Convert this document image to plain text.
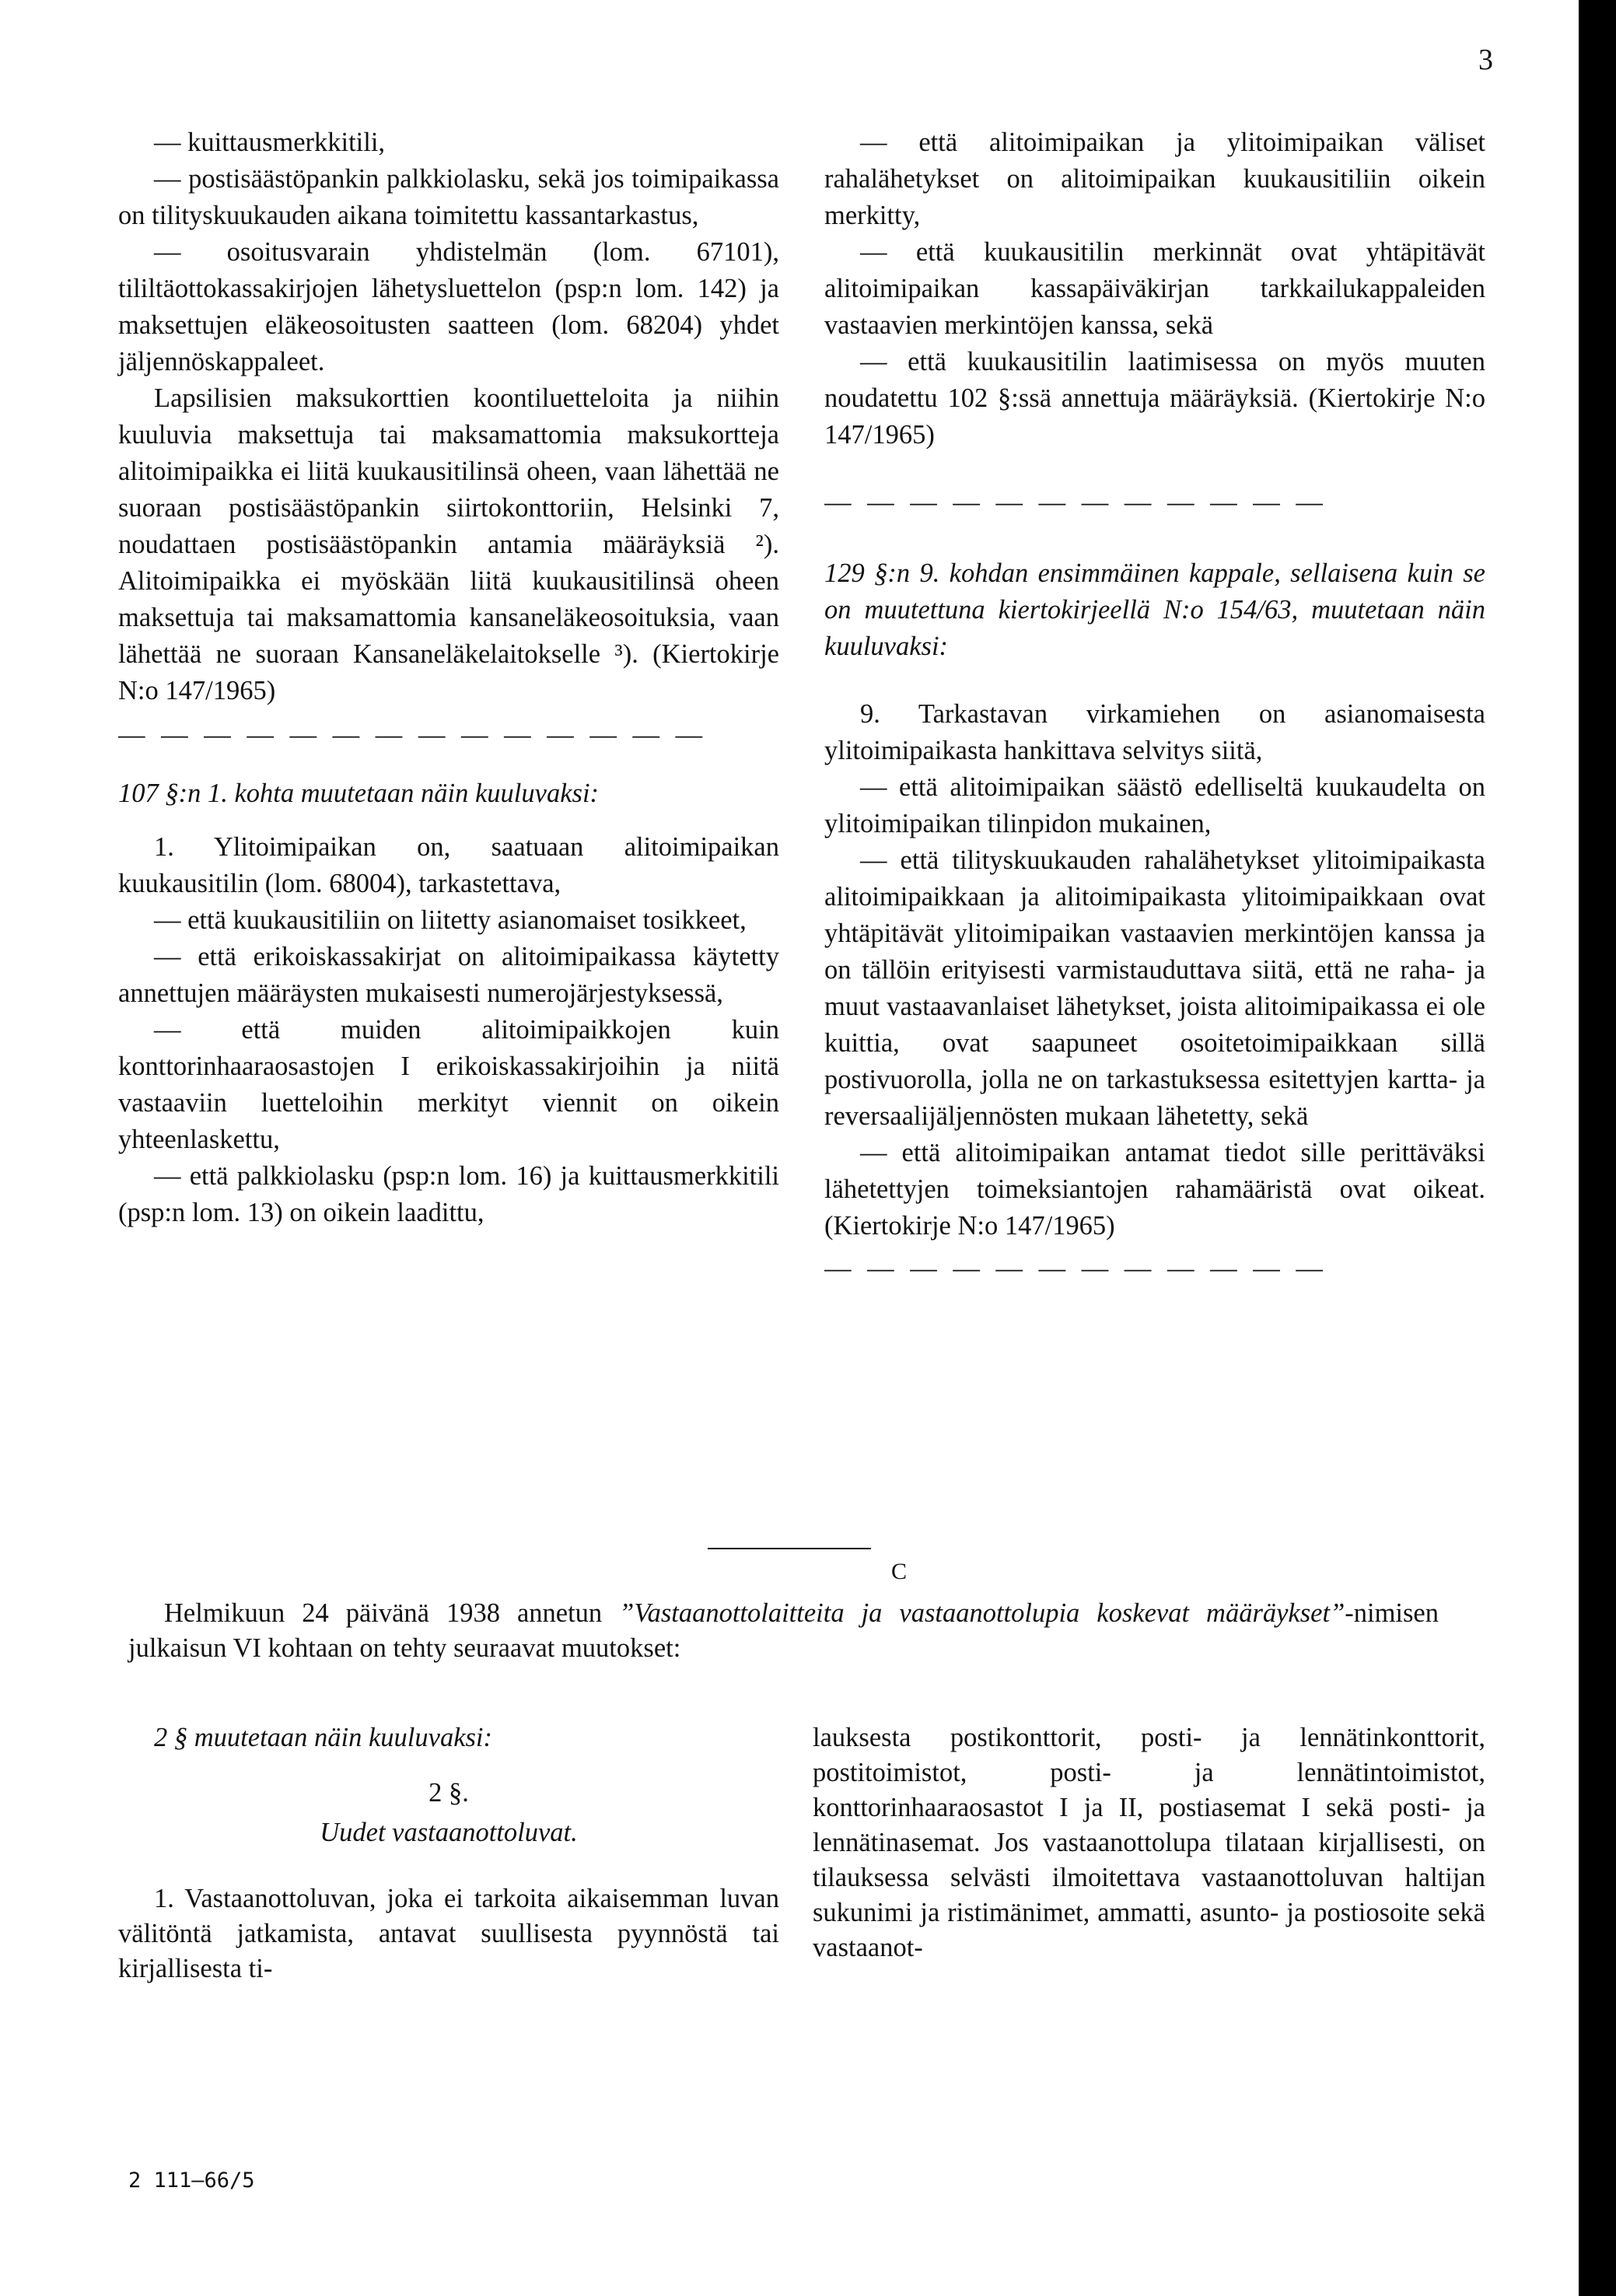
3

— kuittausmerkkitili,

— postisäästöpankin palkkiolasku, sekä jos toimipaikassa on tilityskuukauden aikana toimitettu kassantarkastus,

— osoitusvarain yhdistelmän (lom. 67101), tililtäottokassakirjojen lähetysluettelon (psp:n lom. 142) ja maksettujen eläkeosoitusten saatteen (lom. 68204) yhdet jäljennöskappaleet.

Lapsilisien maksukorttien koontiluetteloita ja niihin kuuluvia maksettuja tai maksamattomia maksukortteja alitoimipaikka ei liitä kuukausitilinsä oheen, vaan lähettää ne suoraan postisäästöpankin siirtokonttoriin, Helsinki 7, noudattaen postisäästöpankin antamia määräyksiä ²). Alitoimipaikka ei myöskään liitä kuukausitilinsä oheen maksettuja tai maksamattomia kansaneläkeosoituksia, vaan lähettää ne suoraan Kansaneläkelaitokselle ³). (Kiertokirje N:o 147/1965)

— — — — — — — — — — — — — —

107 §:n 1. kohta muutetaan näin kuuluvaksi:

1. Ylitoimipaikan on, saatuaan alitoimipaikan kuukausitilin (lom. 68004), tarkastettava,

— että kuukausitiliin on liitetty asianomaiset tosikkeet,

— että erikoiskassakirjat on alitoimipaikassa käytetty annettujen määräysten mukaisesti numerojärjestyksessä,

— että muiden alitoimipaikkojen kuin konttorinhaaraosastojen I erikoiskassakirjoihin ja niitä vastaaviin luetteloihin merkityt viennit on oikein yhteenlaskettu,

— että palkkiolasku (psp:n lom. 16) ja kuittausmerkkitili (psp:n lom. 13) on oikein laadittu,

— että alitoimipaikan ja ylitoimipaikan väliset rahalähetykset on alitoimipaikan kuukausitiliin oikein merkitty,

— että kuukausitilin merkinnät ovat yhtäpitävät alitoimipaikan kassapäiväkirjan tarkkailukappaleiden vastaavien merkintöjen kanssa, sekä

— että kuukausitilin laatimisessa on myös muuten noudatettu 102 §:ssä annettuja määräyksiä. (Kiertokirje N:o 147/1965)

— — — — — — — — — — — —

129 §:n 9. kohdan ensimmäinen kappale, sellaisena kuin se on muutettuna kiertokirjeellä N:o 154/63, muutetaan näin kuuluvaksi:

9. Tarkastavan virkamiehen on asianomaisesta ylitoimipaikasta hankittava selvitys siitä,

— että alitoimipaikan säästö edelliseltä kuukaudelta on ylitoimipaikan tilinpidon mukainen,

— että tilityskuukauden rahalähetykset ylitoimipaikasta alitoimipaikkaan ja alitoimipaikasta ylitoimipaikkaan ovat yhtäpitävät ylitoimipaikan vastaavien merkintöjen kanssa ja on tällöin erityisesti varmistauduttava siitä, että ne raha- ja muut vastaavanlaiset lähetykset, joista alitoimipaikassa ei ole kuittia, ovat saapuneet osoitetoimipaikkaan sillä postivuorolla, jolla ne on tarkastuksessa esitettyjen kartta- ja reversaalijäljennösten mukaan lähetetty, sekä

— että alitoimipaikan antamat tiedot sille perittäväksi lähetettyjen toimeksiantojen rahamääristä ovat oikeat. (Kiertokirje N:o 147/1965)

— — — — — — — — — — — —
C

Helmikuun 24 päivänä 1938 annetun ”Vastaanottolaitteita ja vastaanottolupia koskevat määräykset”-nimisen julkaisun VI kohtaan on tehty seuraavat muutokset:

2 § muutetaan näin kuuluvaksi:

2 §.

Uudet vastaanottoluvat.

1. Vastaanottoluvan, joka ei tarkoita aikaisemman luvan välitöntä jatkamista, antavat suullisesta pyynnöstä tai kirjallisesta ti-

lauksesta postikonttorit, posti- ja lennätinkonttorit, postitoimistot, posti- ja lennätintoimistot, konttorinhaaraosastot I ja II, postiasemat I sekä posti- ja lennätinasemat. Jos vastaanottolupa tilataan kirjallisesti, on tilauksessa selvästi ilmoitettava vastaanottoluvan haltijan sukunimi ja ristimänimet, ammatti, asunto- ja postiosoite sekä vastaanot-

2 111—66/5
